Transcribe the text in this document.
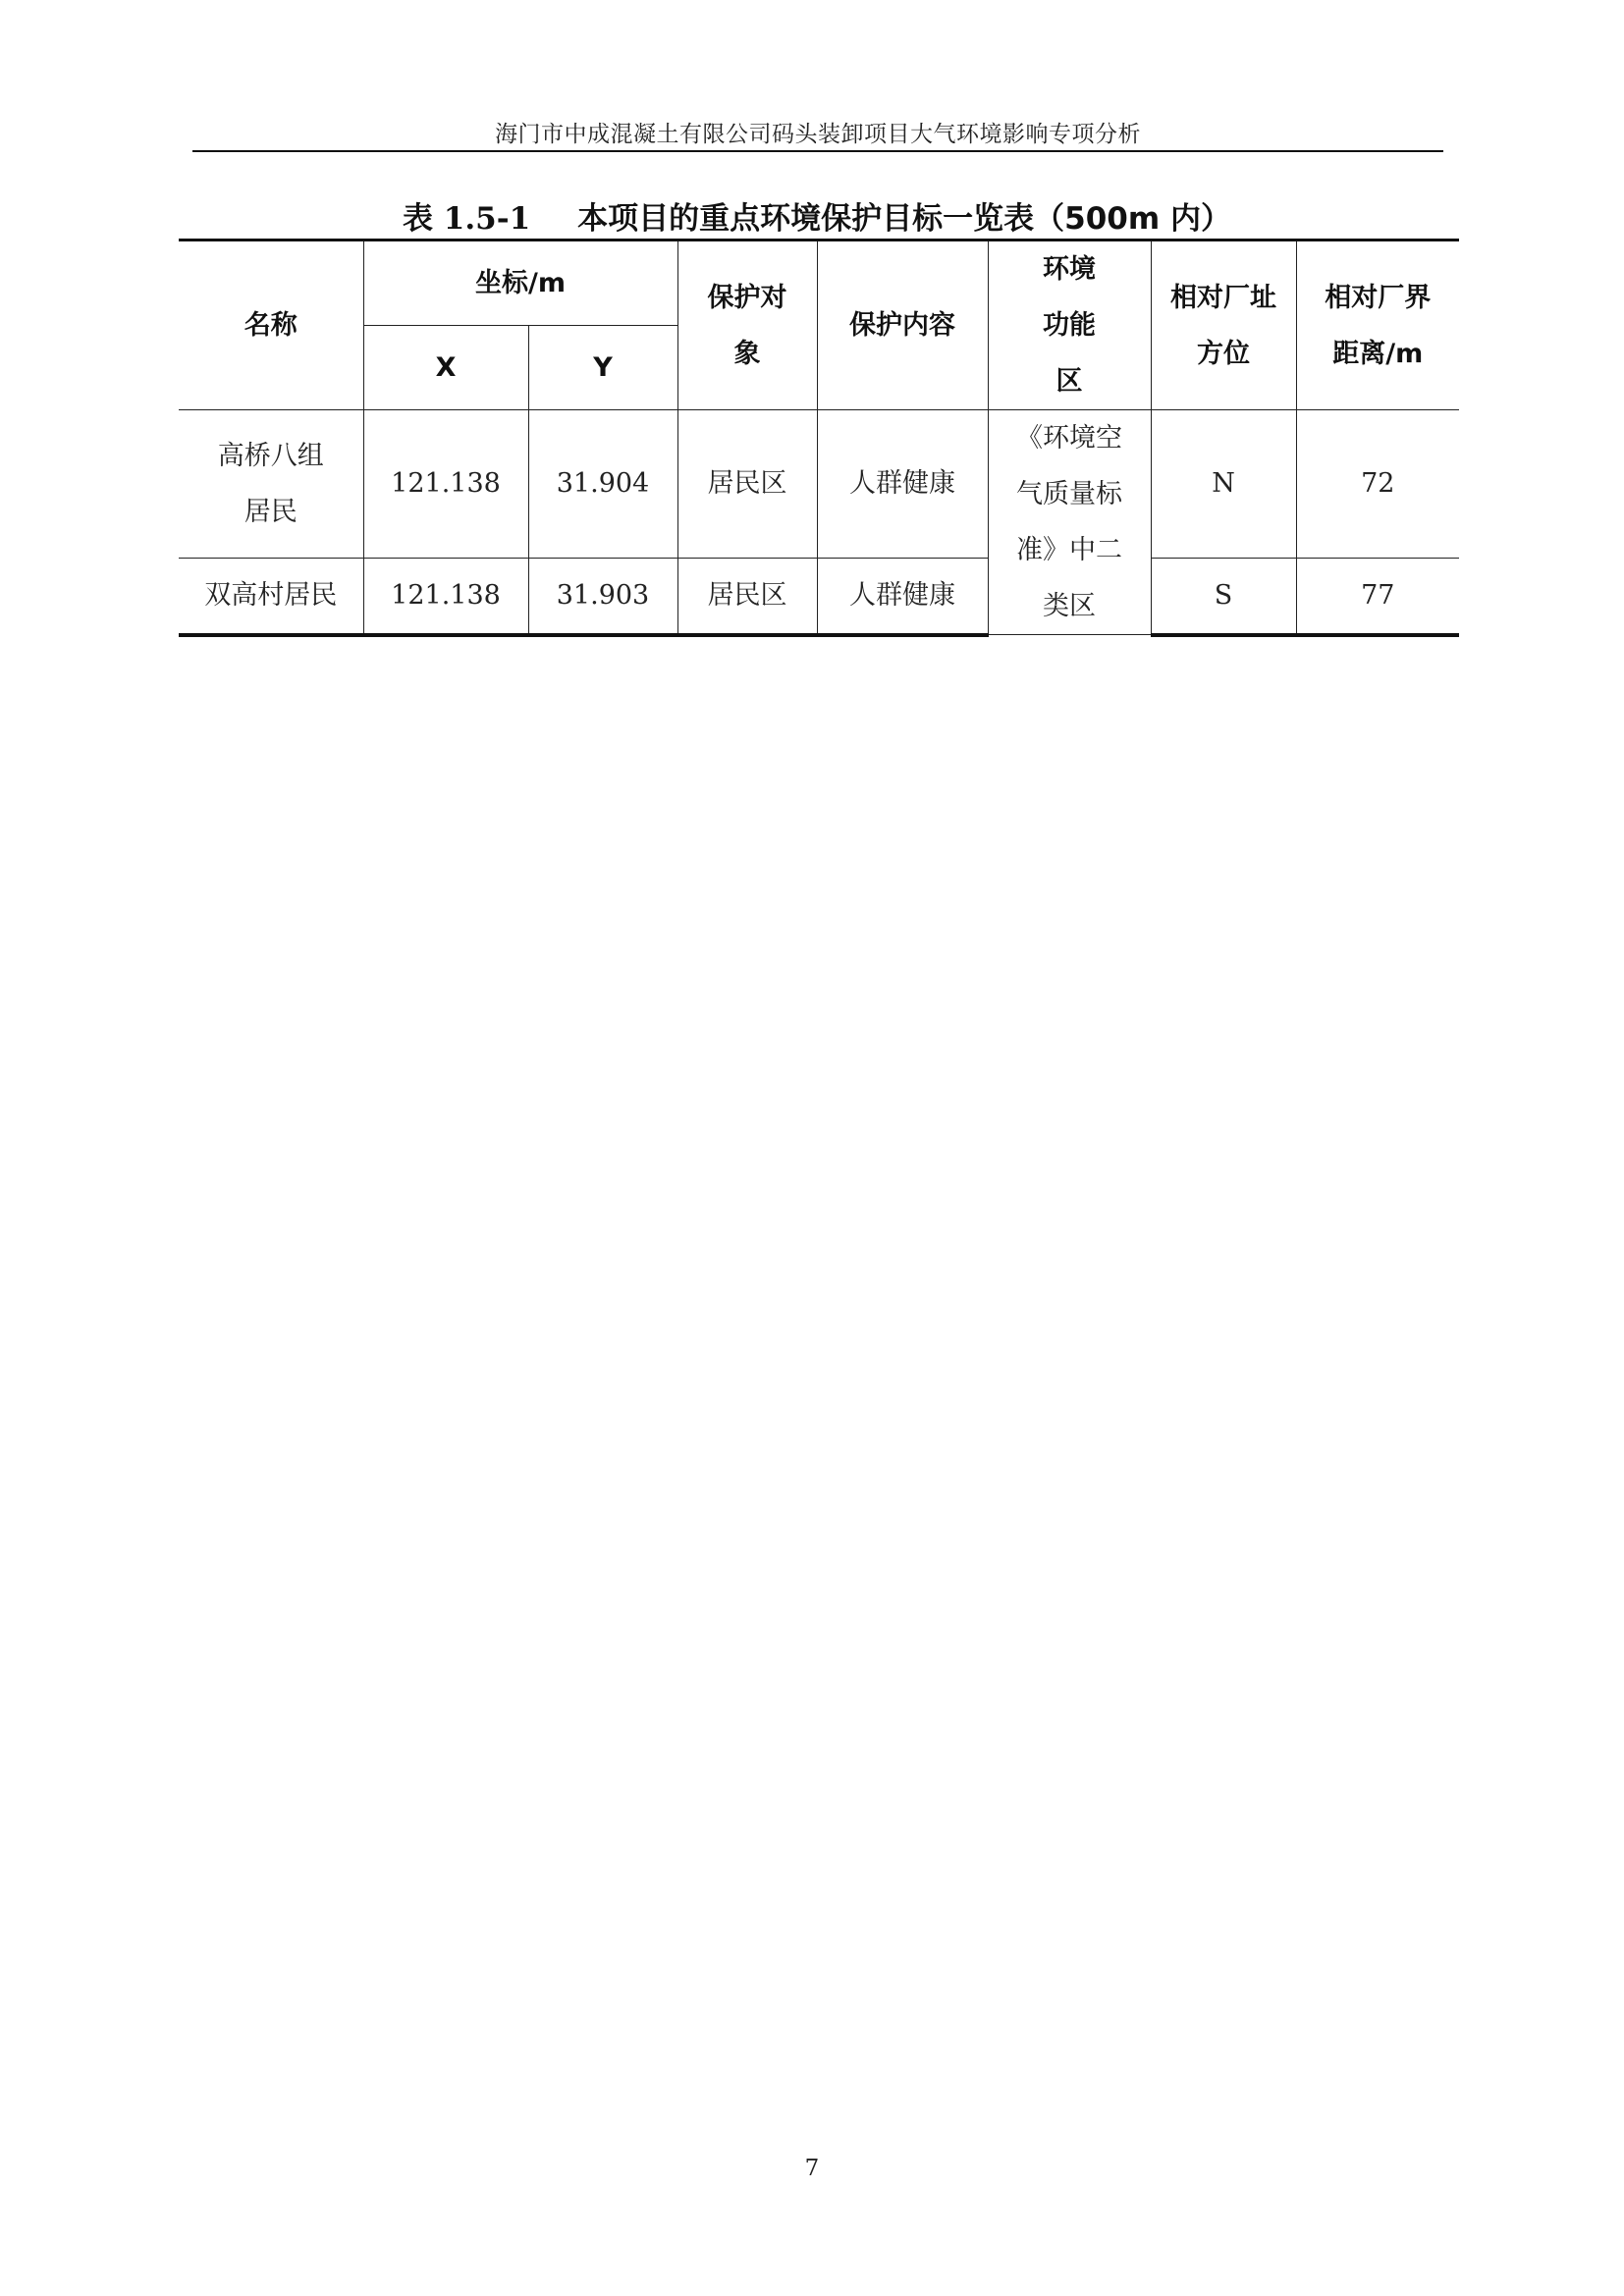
海门市中成混凝土有限公司码头装卸项目大气环境影响专项分析
表 1.5-1 本项目的重点环境保护目标一览表（500m 内）
名称	坐标/m		保护对象	保护内容	环境功能区	相对厂址方位	相对厂界距离/m
	X	Y					
高桥八组居民	121.138	31.904	居民区	人群健康	《环境空气质量标准》中二类区	N	72
双高村居民	121.138	31.903	居民区	人群健康		S	77
7
